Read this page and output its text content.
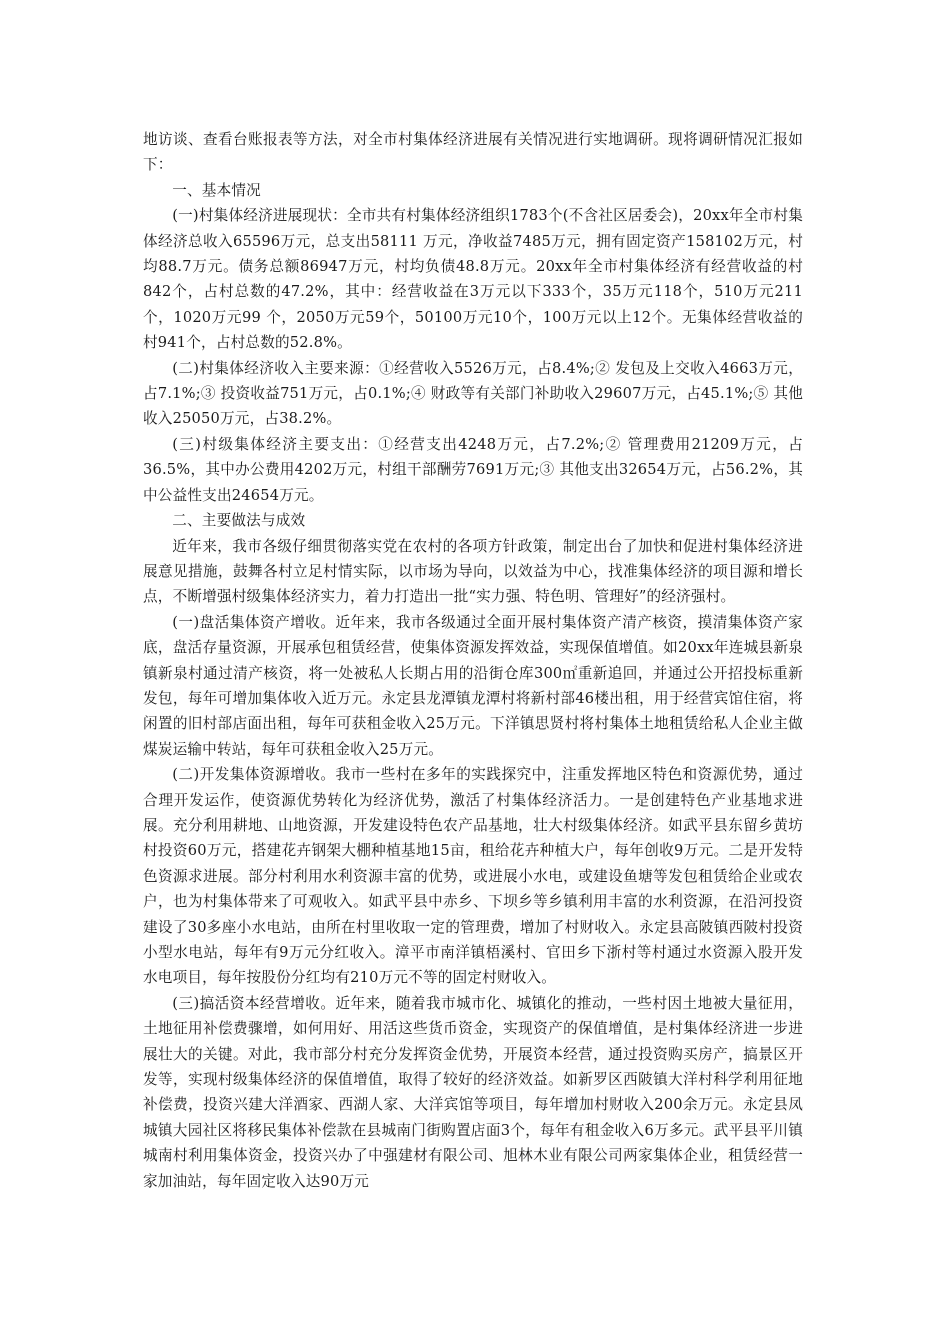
地访谈、查看台账报表等方法，对全市村集体经济进展有关情况进行实地调研。现将调研情况汇报如下：

一、基本情况

(一)村集体经济进展现状：全市共有村集体经济组织1783个(不含社区居委会)，20xx年全市村集体经济总收入65596万元，总支出58111 万元，净收益7485万元，拥有固定资产158102万元，村均88.7万元。债务总额86947万元，村均负债48.8万元。20xx年全市村集体经济有经营收益的村842个，占村总数的47.2%，其中：经营收益在3万元以下333个，35万元118个，510万元211个，1020万元99 个，2050万元59个，50100万元10个，100万元以上12个。无集体经营收益的村941个，占村总数的52.8%。

(二)村集体经济收入主要来源：①经营收入5526万元，占8.4%;② 发包及上交收入4663万元，占7.1%;③ 投资收益751万元，占0.1%;④ 财政等有关部门补助收入29607万元，占45.1%;⑤ 其他收入25050万元，占38.2%。

(三)村级集体经济主要支出：①经营支出4248万元，占7.2%;② 管理费用21209万元，占36.5%，其中办公费用4202万元，村组干部酬劳7691万元;③ 其他支出32654万元，占56.2%，其中公益性支出24654万元。

二、主要做法与成效

近年来，我市各级仔细贯彻落实党在农村的各项方针政策，制定出台了加快和促进村集体经济进展意见措施，鼓舞各村立足村情实际，以市场为导向，以效益为中心，找准集体经济的项目源和增长点，不断增强村级集体经济实力，着力打造出一批“实力强、特色明、管理好”的经济强村。

(一)盘活集体资产增收。近年来，我市各级通过全面开展村集体资产清产核资，摸清集体资产家底，盘活存量资源，开展承包租赁经营，使集体资源发挥效益，实现保值增值。如20xx年连城县新泉镇新泉村通过清产核资，将一处被私人长期占用的沿街仓库300㎡重新追回，并通过公开招投标重新发包，每年可增加集体收入近万元。永定县龙潭镇龙潭村将新村部46楼出租，用于经营宾馆住宿，将闲置的旧村部店面出租，每年可获租金收入25万元。下洋镇思贤村将村集体土地租赁给私人企业主做煤炭运输中转站，每年可获租金收入25万元。

(二)开发集体资源增收。我市一些村在多年的实践探究中，注重发挥地区特色和资源优势，通过合理开发运作，使资源优势转化为经济优势，激活了村集体经济活力。一是创建特色产业基地求进展。充分利用耕地、山地资源，开发建设特色农产品基地，壮大村级集体经济。如武平县东留乡黄坊村投资60万元，搭建花卉钢架大棚种植基地15亩，租给花卉种植大户，每年创收9万元。二是开发特色资源求进展。部分村利用水利资源丰富的优势，或进展小水电，或建设鱼塘等发包租赁给企业或农户，也为村集体带来了可观收入。如武平县中赤乡、下坝乡等乡镇利用丰富的水利资源，在沿河投资建设了30多座小水电站，由所在村里收取一定的管理费，增加了村财收入。永定县高陂镇西陂村投资小型水电站，每年有9万元分红收入。漳平市南洋镇梧溪村、官田乡下浙村等村通过水资源入股开发水电项目，每年按股份分红均有210万元不等的固定村财收入。

(三)搞活资本经营增收。近年来，随着我市城市化、城镇化的推动，一些村因土地被大量征用，土地征用补偿费骤增，如何用好、用活这些货币资金，实现资产的保值增值，是村集体经济进一步进展壮大的关键。对此，我市部分村充分发挥资金优势，开展资本经营，通过投资购买房产，搞景区开发等，实现村级集体经济的保值增值，取得了较好的经济效益。如新罗区西陂镇大洋村科学利用征地补偿费，投资兴建大洋酒家、西湖人家、大洋宾馆等项目，每年增加村财收入200余万元。永定县凤城镇大园社区将移民集体补偿款在县城南门街购置店面3个，每年有租金收入6万多元。武平县平川镇城南村利用集体资金，投资兴办了中强建材有限公司、旭林木业有限公司两家集体企业，租赁经营一家加油站，每年固定收入达90万元
